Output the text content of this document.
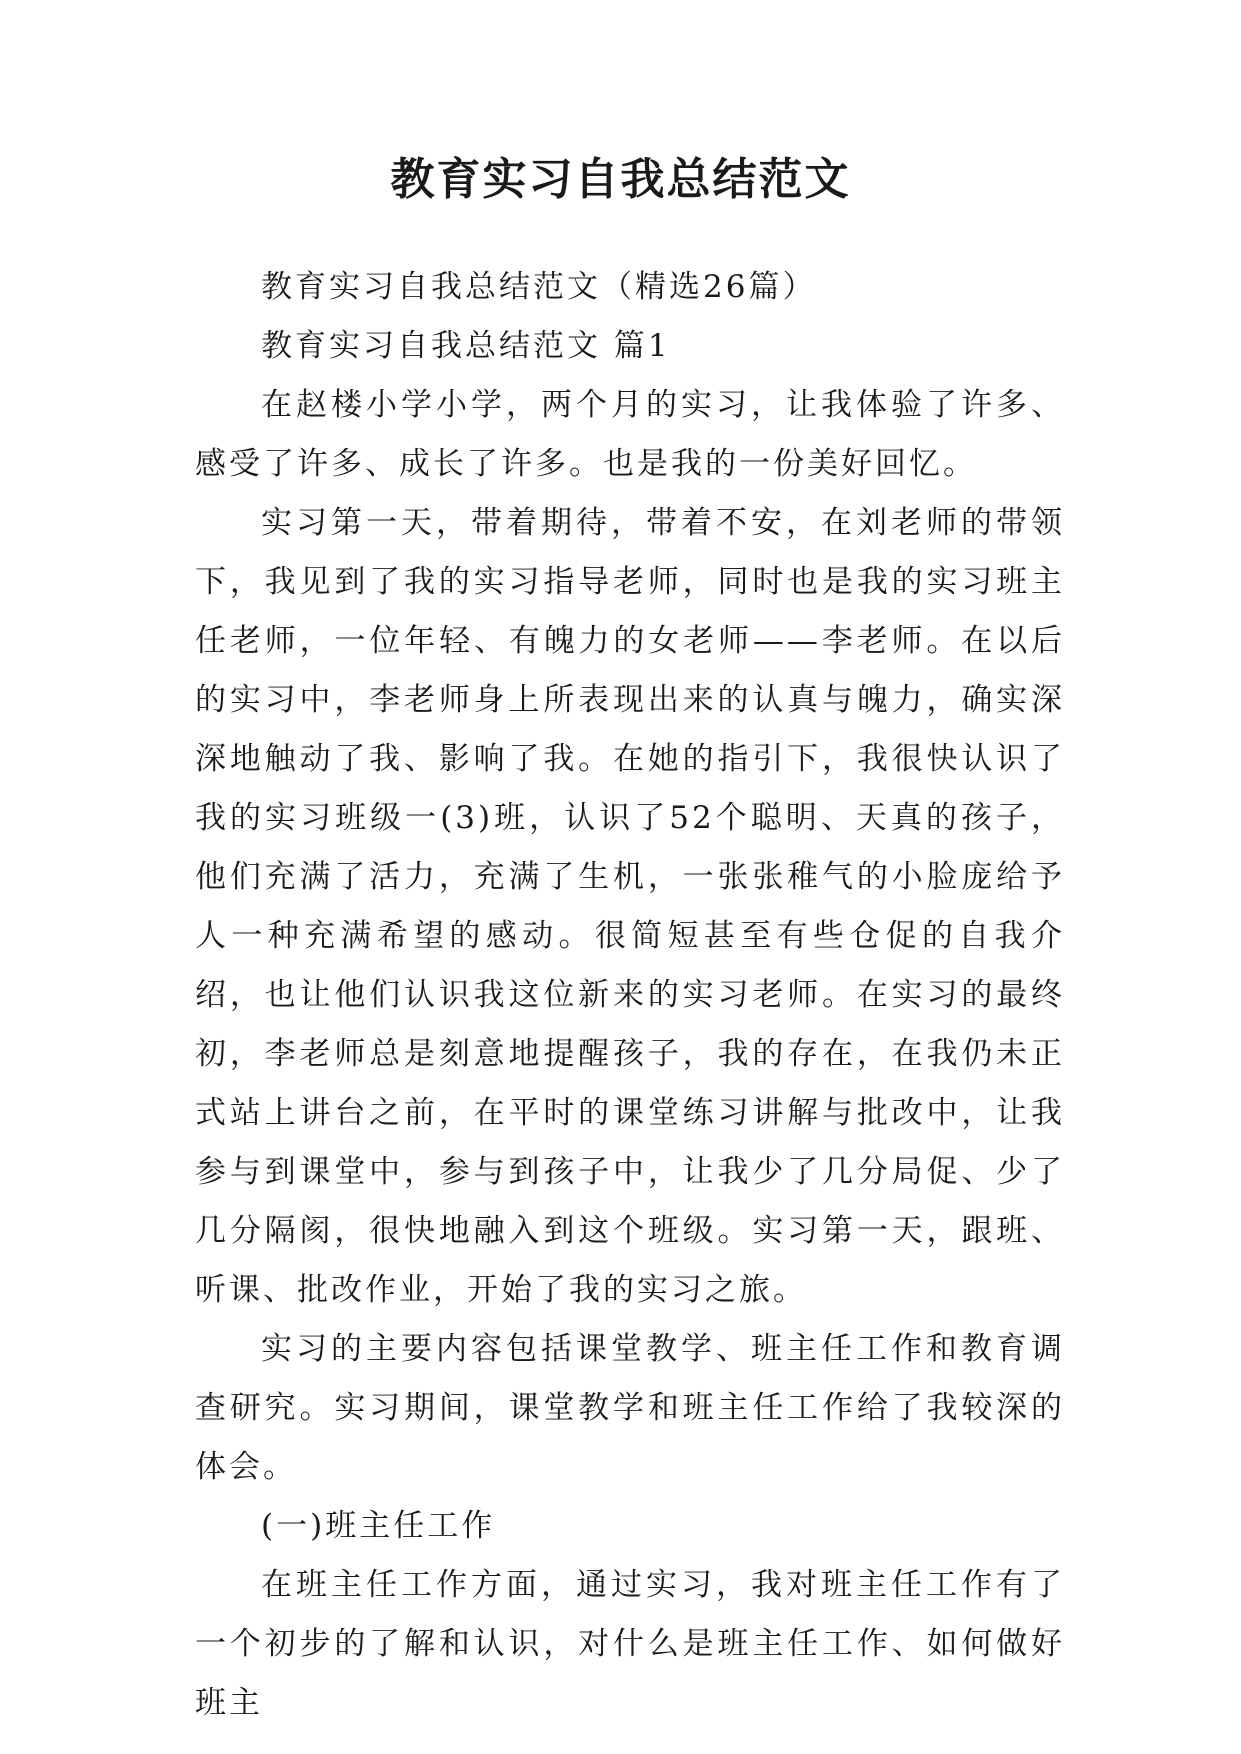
教育实习自我总结范文

教育实习自我总结范文（精选26篇）

教育实习自我总结范文 篇1

在赵楼小学小学，两个月的实习，让我体验了许多、感受了许多、成长了许多。也是我的一份美好回忆。

实习第一天，带着期待，带着不安，在刘老师的带领下，我见到了我的实习指导老师，同时也是我的实习班主任老师，一位年轻、有魄力的女老师——李老师。在以后的实习中，李老师身上所表现出来的认真与魄力，确实深深地触动了我、影响了我。在她的指引下，我很快认识了我的实习班级一(3)班，认识了52个聪明、天真的孩子，他们充满了活力，充满了生机，一张张稚气的小脸庞给予人一种充满希望的感动。很简短甚至有些仓促的自我介绍，也让他们认识我这位新来的实习老师。在实习的最终初，李老师总是刻意地提醒孩子，我的存在，在我仍未正式站上讲台之前，在平时的课堂练习讲解与批改中，让我参与到课堂中，参与到孩子中，让我少了几分局促、少了几分隔阂，很快地融入到这个班级。实习第一天，跟班、听课、批改作业，开始了我的实习之旅。

实习的主要内容包括课堂教学、班主任工作和教育调查研究。实习期间，课堂教学和班主任工作给了我较深的体会。

(一)班主任工作

在班主任工作方面，通过实习，我对班主任工作有了一个初步的了解和认识，对什么是班主任工作、如何做好班主
